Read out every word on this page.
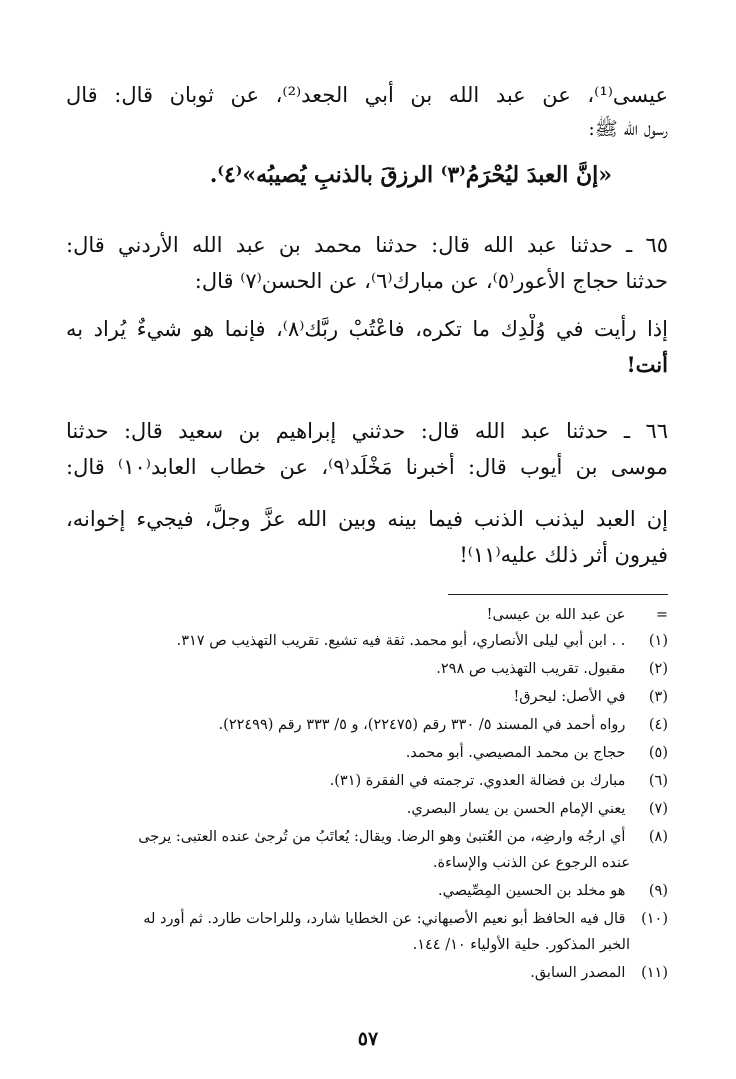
عيسى⁽¹⁾، عن عبد الله بن أبي الجعد⁽²⁾، عن ثوبان قال: قال
رسول الله ﷺ:
«إنَّ العبدَ ليُحْرَمُ⁽٣⁾ الرزقَ بالذنبِ يُصيبُه»⁽٤⁾.
٦٥ ـ حدثنا عبد الله قال: حدثنا محمد بن عبد الله الأردني قال:
حدثنا حجاج الأعور⁽٥⁾، عن مبارك⁽٦⁾، عن الحسن⁽٧⁾ قال:
إذا رأيت في وُلْدِك ما تكره، فاعْتُبْ ربَّك⁽٨⁾، فإنما هو شيءٌ يُراد به
أنت!
٦٦ ـ حدثنا عبد الله قال: حدثني إبراهيم بن سعيد قال: حدثنا
موسى بن أيوب قال: أخبرنا مَخْلَد⁽٩⁾، عن خطاب العابد⁽١٠⁾ قال:
إن العبد ليذنب الذنب فيما بينه وبين الله عزَّ وجلَّ، فيجيء إخوانه،
فيرون أثر ذلك عليه⁽١١⁾!
= عن عبد الله بن عيسى!
(١) . . ابن أبي ليلى الأنصاري، أبو محمد. ثقة فيه تشيع. تقريب التهذيب ص ٣١٧.
(٢) مقبول. تقريب التهذيب ص ٢٩٨.
(٣) في الأصل: ليحرق!
(٤) رواه أحمد في المسند ٥/ ٣٣٠ رقم (٢٢٤٧٥)، و ٥/ ٣٣٣ رقم (٢٢٤٩٩).
(٥) حجاج بن محمد المصيصي. أبو محمد.
(٦) مبارك بن فضالة العدوي. ترجمته في الفقرة (٣١).
(٧) يعني الإمام الحسن بن يسار البصري.
(٨) أي ارجُه وارضِه، من العُتبىٰ وهو الرضا. ويقال: يُعاتَبُ من تُرجىٰ عنده العتبى: يرجى
عنده الرجوع عن الذنب والإساءة.
(٩) هو مخلد بن الحسين المِصِّيصي.
(١٠) قال فيه الحافظ أبو نعيم الأصبهاني: عن الخطايا شارد، وللراحات طارد. ثم أورد له
الخبر المذكور. حلية الأولياء ١٠/ ١٤٤.
(١١) المصدر السابق.
٥٧
